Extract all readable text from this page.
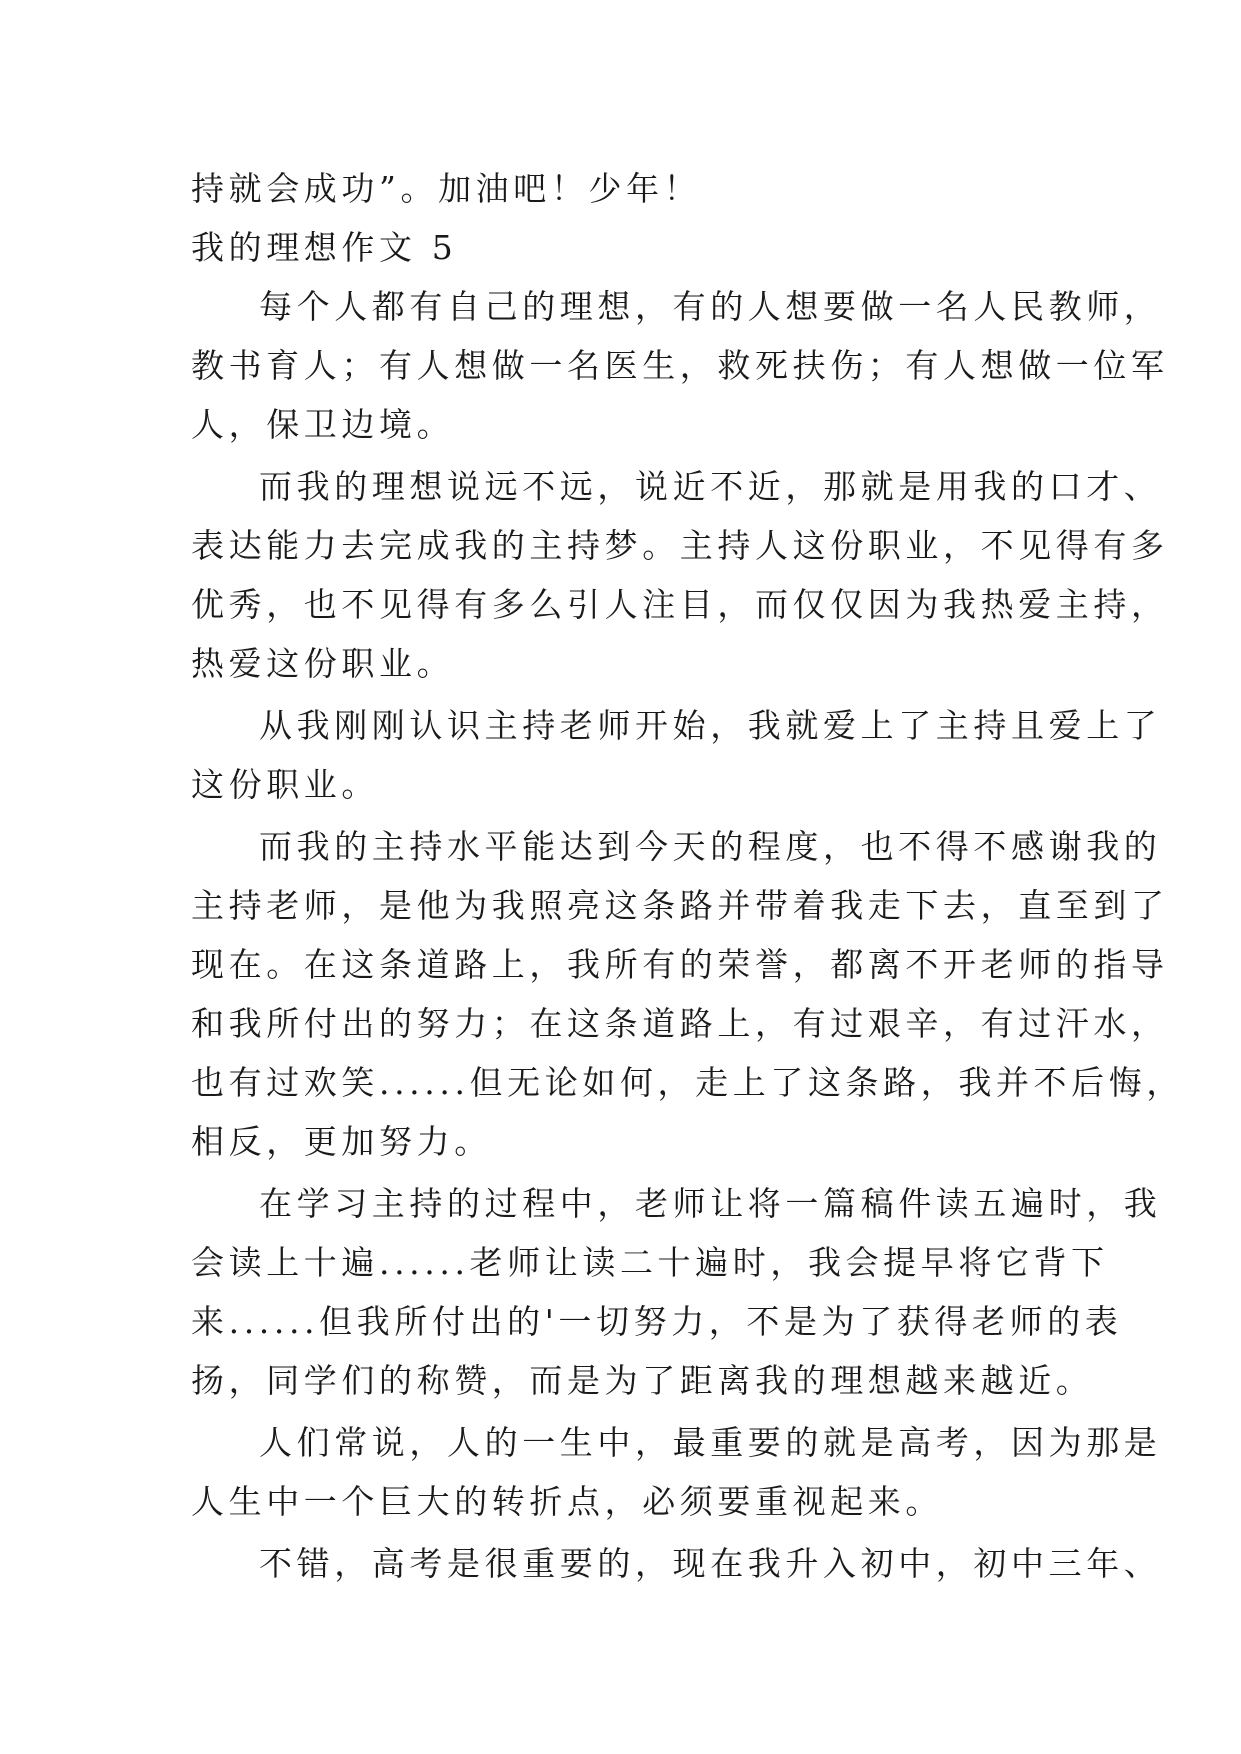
持就会成功”。加油吧！少年！
我的理想作文 5
每个人都有自己的理想，有的人想要做一名人民教师，
教书育人；有人想做一名医生，救死扶伤；有人想做一位军
人，保卫边境。
而我的理想说远不远，说近不近，那就是用我的口才、
表达能力去完成我的主持梦。主持人这份职业，不见得有多
优秀，也不见得有多么引人注目，而仅仅因为我热爱主持，
热爱这份职业。
从我刚刚认识主持老师开始，我就爱上了主持且爱上了
这份职业。
而我的主持水平能达到今天的程度，也不得不感谢我的
主持老师，是他为我照亮这条路并带着我走下去，直至到了
现在。在这条道路上，我所有的荣誉，都离不开老师的指导
和我所付出的努力；在这条道路上，有过艰辛，有过汗水，
也有过欢笑......但无论如何，走上了这条路，我并不后悔，
相反，更加努力。
在学习主持的过程中，老师让将一篇稿件读五遍时，我
会读上十遍......老师让读二十遍时，我会提早将它背下
来......但我所付出的'一切努力，不是为了获得老师的表
扬，同学们的称赞，而是为了距离我的理想越来越近。
人们常说，人的一生中，最重要的就是高考，因为那是
人生中一个巨大的转折点，必须要重视起来。
不错，高考是很重要的，现在我升入初中，初中三年、
